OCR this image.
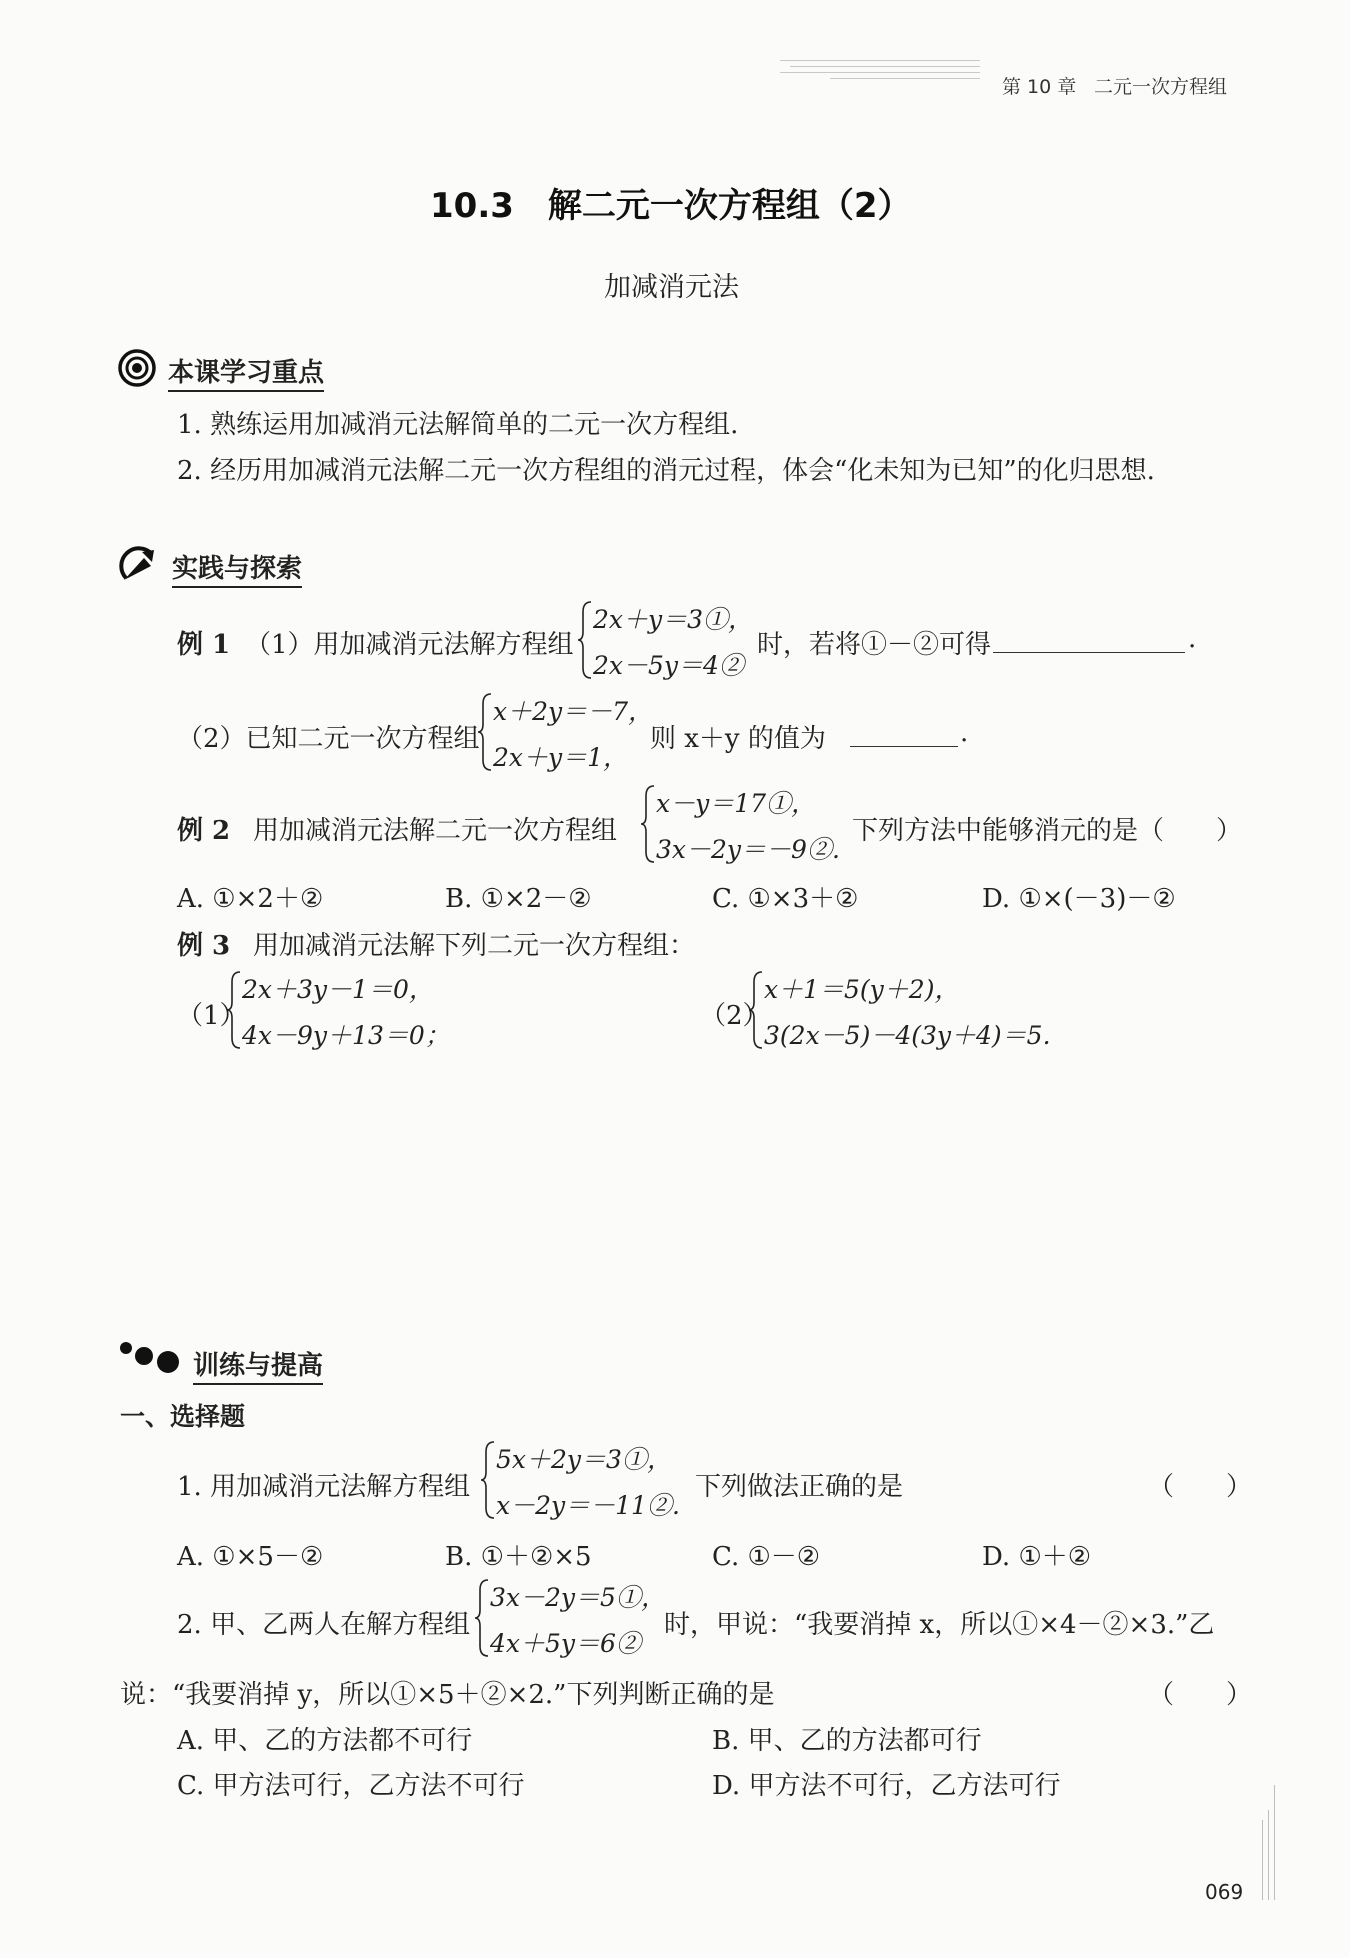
第 10 章 二元一次方程组
10.3　解二元一次方程组（2）
加减消元法
本课学习重点
1. 熟练运用加减消元法解简单的二元一次方程组.
2. 经历用加减消元法解二元一次方程组的消元过程，体会“化未知为已知”的化归思想.
实践与探索
例 1 （1）用加减消元法解方程组
2x＋y＝3①，
2x－5y＝4②
时，若将①－②可得	.
（2）已知二元一次方程组
x＋2y＝－7，
2x＋y＝1，
则 x＋y 的值为	.
例 2 用加减消元法解二元一次方程组
x－y＝17①，
3x－2y＝－9②.
下列方法中能够消元的是（　　）
A. ①×2＋②	B. ①×2－②	C. ①×3＋②	D. ①×(－3)－②
例 3 用加减消元法解下列二元一次方程组：
（1）
2x＋3y－1＝0，
4x－9y＋13＝0；
（2）
x＋1＝5(y＋2)，
3(2x－5)－4(3y＋4)＝5.
训练与提高
一、选择题
1. 用加减消元法解方程组
5x＋2y＝3①，
x－2y＝－11②.
下列做法正确的是	（　　）
A. ①×5－②	B. ①＋②×5	C. ①－②	D. ①＋②
2. 甲、乙两人在解方程组
3x－2y＝5①，
4x＋5y＝6②
时，甲说：“我要消掉 x，所以①×4－②×3.”乙
说：“我要消掉 y，所以①×5＋②×2.”下列判断正确的是	（　　）
A. 甲、乙的方法都不可行	B. 甲、乙的方法都可行
C. 甲方法可行，乙方法不可行	D. 甲方法不可行，乙方法可行
069
